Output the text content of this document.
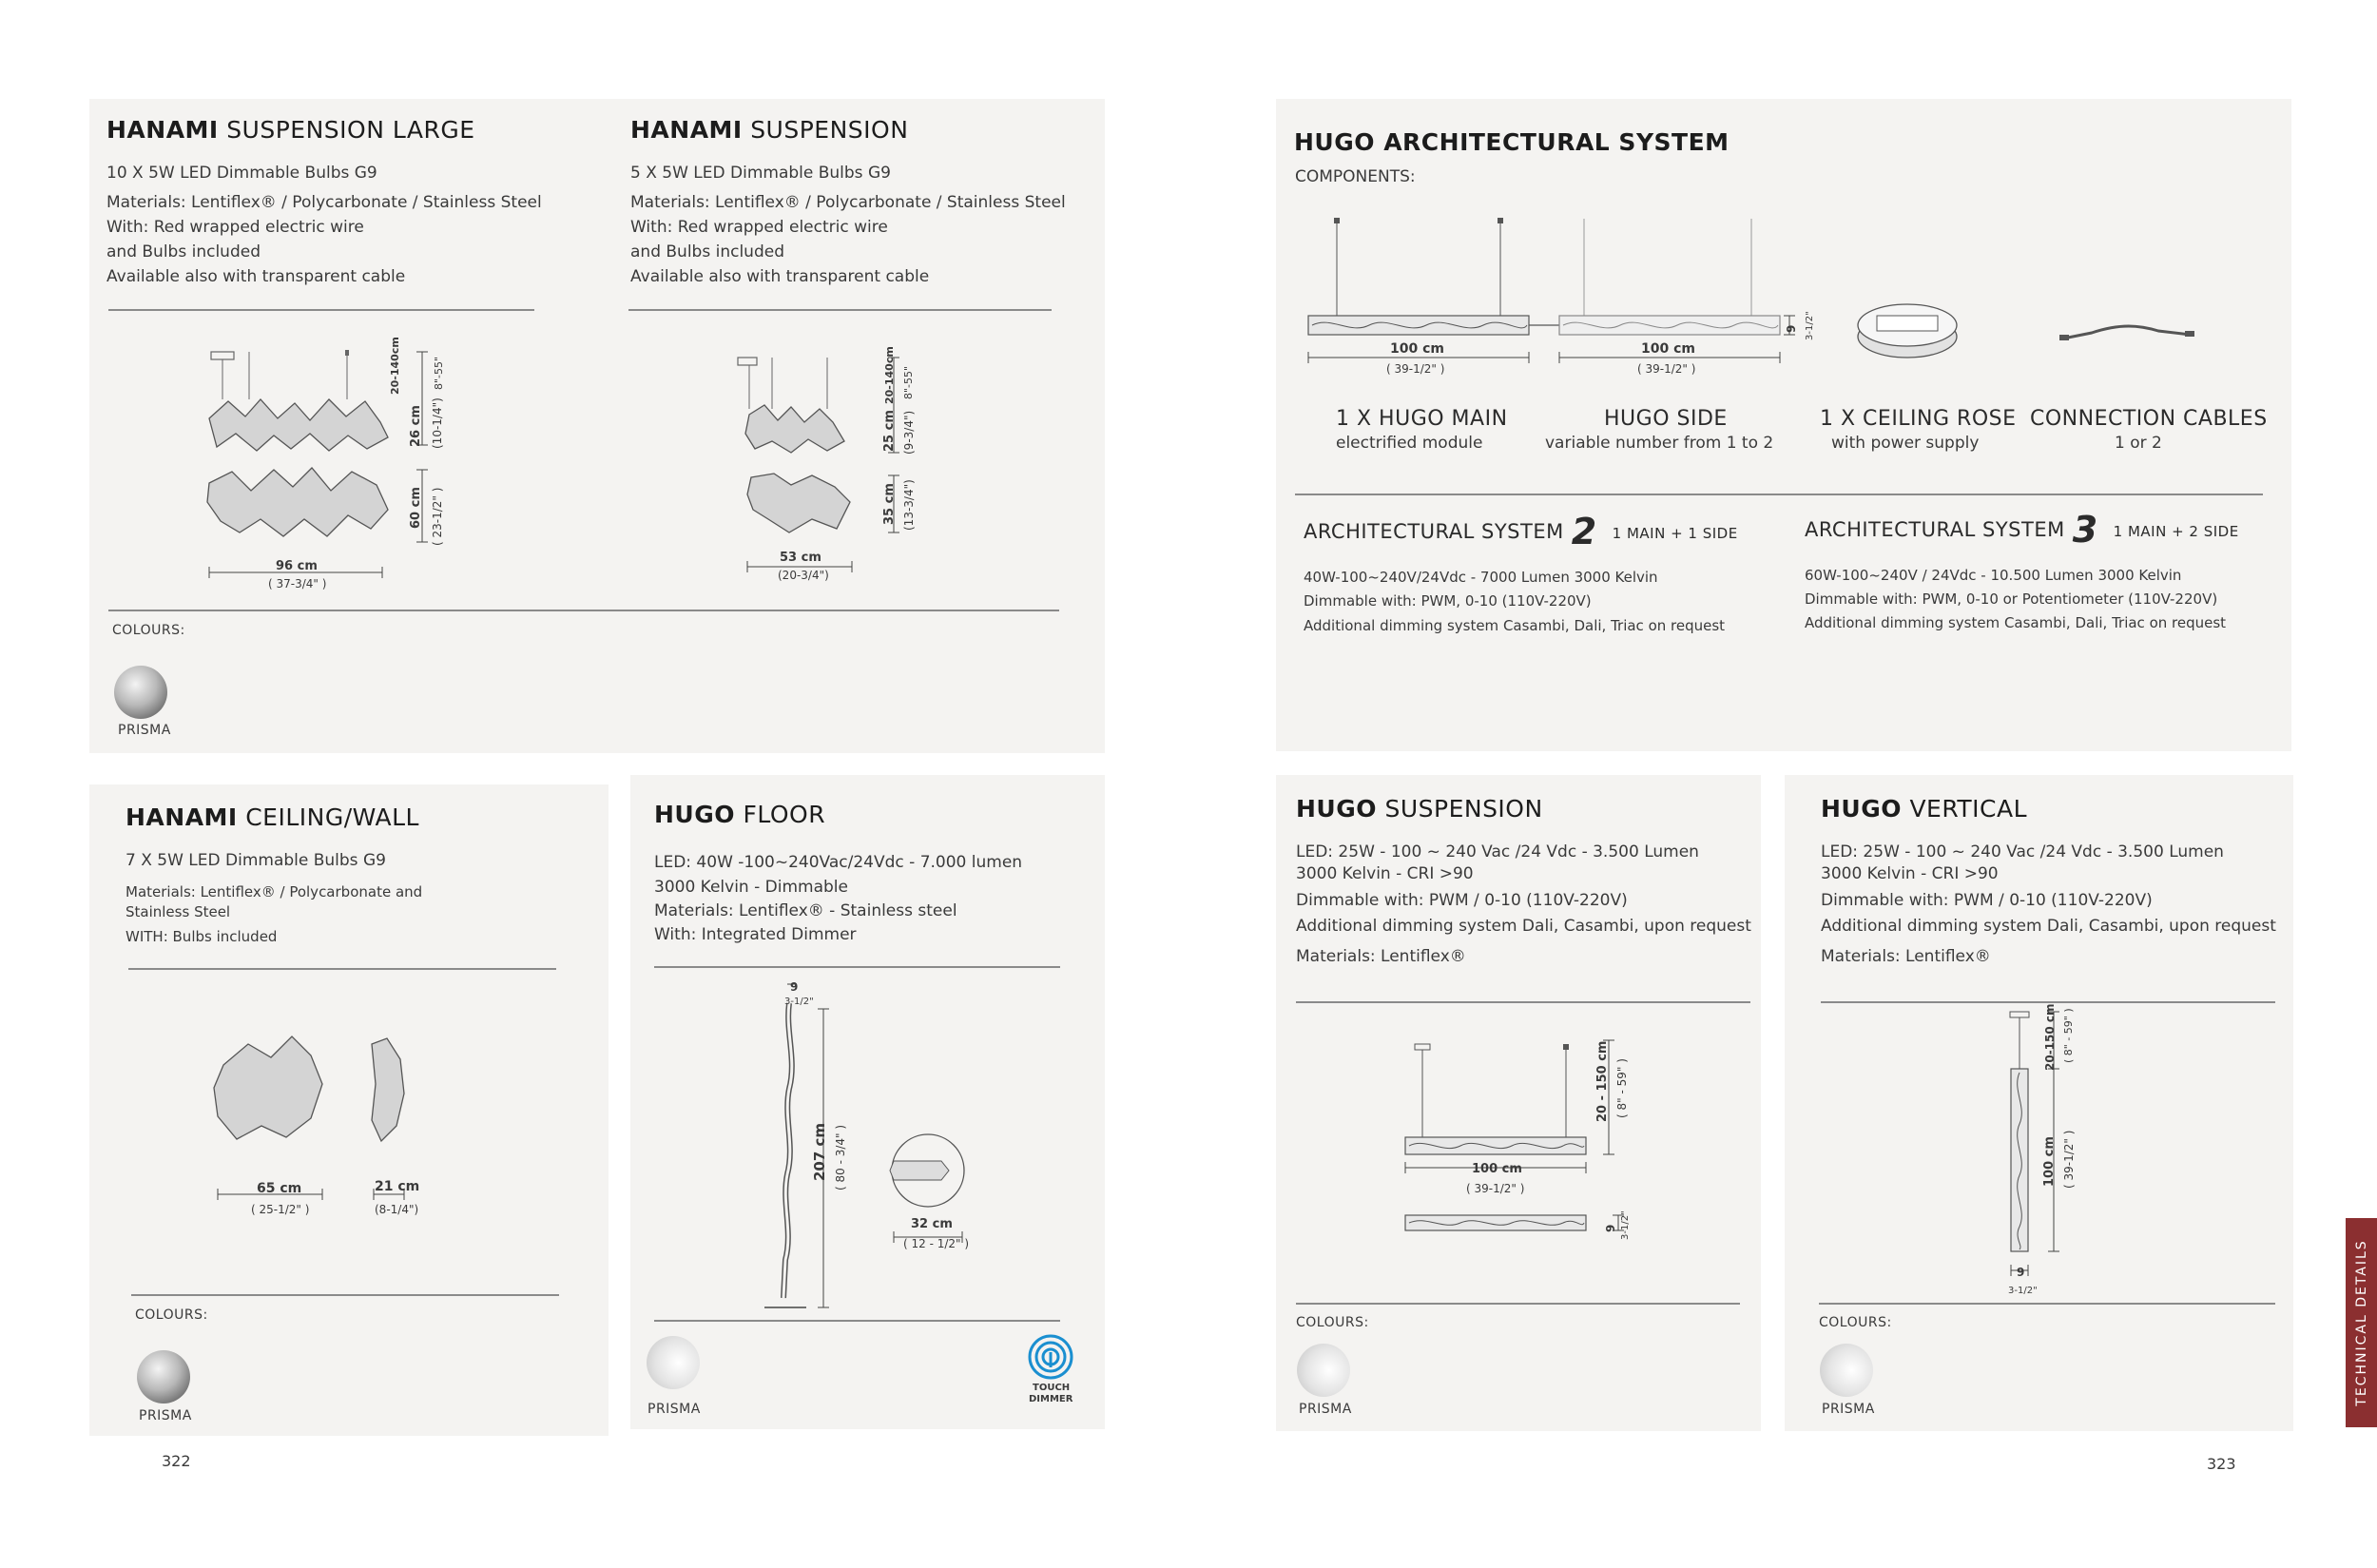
HANAMI SUSPENSION LARGE
10 X 5W LED Dimmable Bulbs G9
Materials: Lentiflex® / Polycarbonate / Stainless Steel
With: Red wrapped electric wire
and Bulbs included
Available also with transparent cable
96 cm
( 37-3/4" )
20-140cm	8"-55"
26 cm (10-1/4")
60 cm ( 23-1/2" )
HANAMI SUSPENSION
5 X 5W LED Dimmable Bulbs G9
Materials: Lentiflex® / Polycarbonate / Stainless Steel
With: Red wrapped electric wire
and Bulbs included
Available also with transparent cable
53 cm
(20-3/4")
20-140cm 8"-55"
25 cm (9-3/4")
35 cm (13-3/4")
COLOURS:
PRISMA
HANAMI CEILING/WALL
7 X 5W LED Dimmable Bulbs G9
Materials: Lentiflex® / Polycarbonate and
Stainless Steel
WITH: Bulbs included
65 cm
( 25-1/2" )
21 cm
(8-1/4")
COLOURS:
PRISMA
HUGO FLOOR
LED: 40W -100~240Vac/24Vdc - 7.000 lumen
3000 Kelvin - Dimmable
Materials: Lentiflex® - Stainless steel
With: Integrated Dimmer
9
3-1/2"
207 cm ( 80 - 3/4" )
32 cm
( 12 - 1/2" )
PRISMA
TOUCH
DIMMER
HUGO ARCHITECTURAL SYSTEM
COMPONENTS:
100 cm
( 39-1/2" )
100 cm
( 39-1/2" )
9 3-1/2"
1 X HUGO MAIN
electrified module
HUGO SIDE
variable number from 1 to 2
1 X CEILING ROSE
with power supply
CONNECTION CABLES
1 or 2
ARCHITECTURAL SYSTEM 2 1 MAIN + 1 SIDE
40W-100~240V/24Vdc - 7000 Lumen 3000 Kelvin
Dimmable with: PWM, 0-10 (110V-220V)
Additional dimming system Casambi, Dali, Triac on request
ARCHITECTURAL SYSTEM 3 1 MAIN + 2 SIDE
60W-100~240V / 24Vdc - 10.500 Lumen 3000 Kelvin
Dimmable with: PWM, 0-10 or Potentiometer (110V-220V)
Additional dimming system Casambi, Dali, Triac on request
HUGO SUSPENSION
LED: 25W - 100 ~ 240 Vac /24 Vdc - 3.500 Lumen
3000 Kelvin - CRI >90
Dimmable with: PWM / 0-10 (110V-220V)
Additional dimming system Dali, Casambi, upon request
Materials: Lentiflex®
20 - 150 cm ( 8" - 59" )
100 cm
( 39-1/2" )
9 3-1/2"
COLOURS:
PRISMA
HUGO VERTICAL
LED: 25W - 100 ~ 240 Vac /24 Vdc - 3.500 Lumen
3000 Kelvin - CRI >90
Dimmable with: PWM / 0-10 (110V-220V)
Additional dimming system Dali, Casambi, upon request
Materials: Lentiflex®
20-150 cm ( 8" - 59" )
100 cm ( 39-1/2" )
9
3-1/2"
COLOURS:
PRISMA
322	323
TECHNICAL DETAILS
